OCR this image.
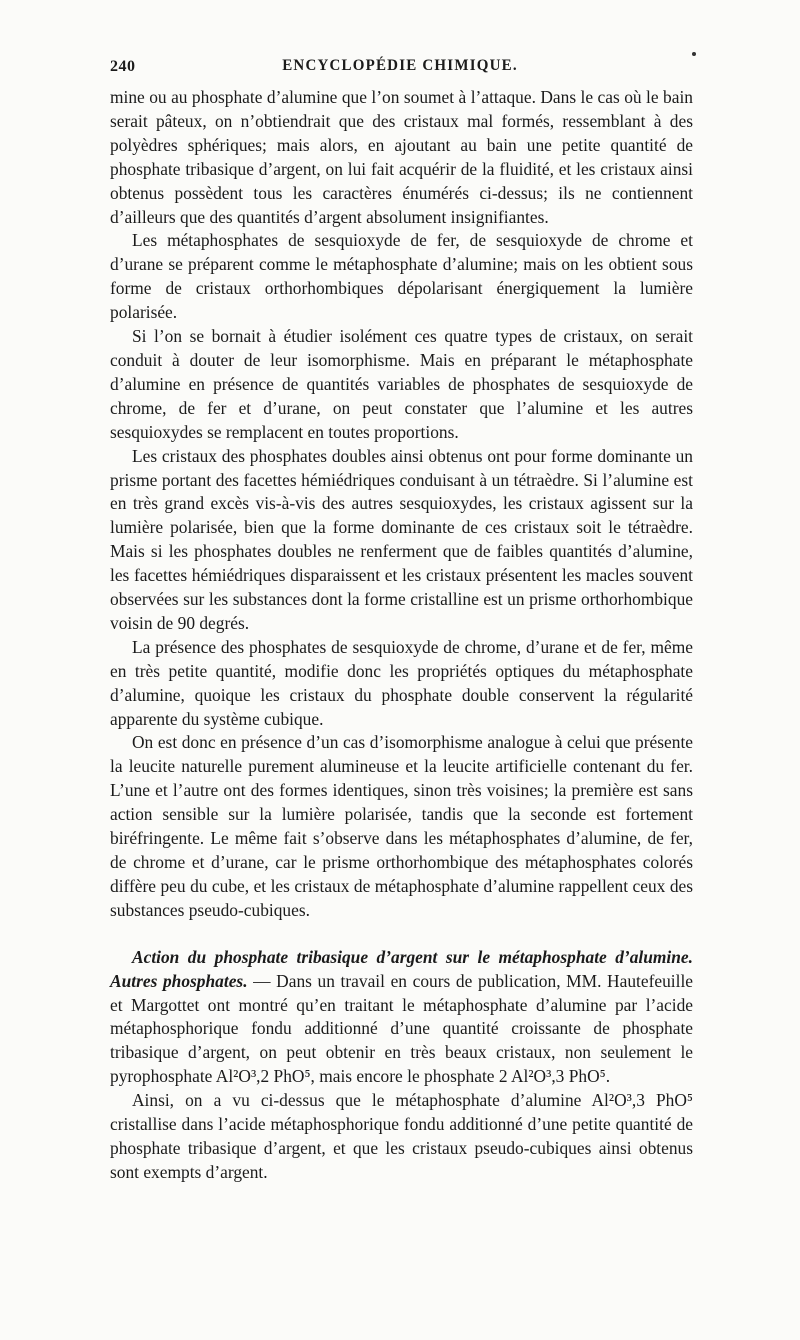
240	ENCYCLOPÉDIE CHIMIQUE.

mine ou au phosphate d’alumine que l’on soumet à l’attaque. Dans le cas où le bain serait pâteux, on n’obtiendrait que des cristaux mal formés, ressemblant à des polyèdres sphériques; mais alors, en ajoutant au bain une petite quantité de phosphate tribasique d’argent, on lui fait acquérir de la fluidité, et les cristaux ainsi obtenus possèdent tous les caractères énumérés ci-dessus; ils ne contiennent d’ailleurs que des quantités d’argent absolument insignifiantes.

Les métaphosphates de sesquioxyde de fer, de sesquioxyde de chrome et d’urane se préparent comme le métaphosphate d’alumine; mais on les obtient sous forme de cristaux orthorhombiques dépolarisant énergiquement la lumière polarisée.

Si l’on se bornait à étudier isolément ces quatre types de cristaux, on serait conduit à douter de leur isomorphisme. Mais en préparant le métaphosphate d’alumine en présence de quantités variables de phosphates de sesquioxyde de chrome, de fer et d’urane, on peut constater que l’alumine et les autres sesquioxydes se remplacent en toutes proportions.

Les cristaux des phosphates doubles ainsi obtenus ont pour forme dominante un prisme portant des facettes hémiédriques conduisant à un tétraèdre. Si l’alumine est en très grand excès vis-à-vis des autres sesquioxydes, les cristaux agissent sur la lumière polarisée, bien que la forme dominante de ces cristaux soit le tétraèdre. Mais si les phosphates doubles ne renferment que de faibles quantités d’alumine, les facettes hémiédriques disparaissent et les cristaux présentent les macles souvent observées sur les substances dont la forme cristalline est un prisme orthorhombique voisin de 90 degrés.

La présence des phosphates de sesquioxyde de chrome, d’urane et de fer, même en très petite quantité, modifie donc les propriétés optiques du métaphosphate d’alumine, quoique les cristaux du phosphate double conservent la régularité apparente du système cubique.

On est donc en présence d’un cas d’isomorphisme analogue à celui que présente la leucite naturelle purement alumineuse et la leucite artificielle contenant du fer. L’une et l’autre ont des formes identiques, sinon très voisines; la première est sans action sensible sur la lumière polarisée, tandis que la seconde est fortement biréfringente. Le même fait s’observe dans les métaphosphates d’alumine, de fer, de chrome et d’urane, car le prisme orthorhombique des métaphosphates colorés diffère peu du cube, et les cristaux de métaphosphate d’alumine rappellent ceux des substances pseudo-cubiques.

Action du phosphate tribasique d’argent sur le métaphosphate d’alumine. Autres phosphates. — Dans un travail en cours de publication, MM. Hautefeuille et Margottet ont montré qu’en traitant le métaphosphate d’alumine par l’acide métaphosphorique fondu additionné d’une quantité croissante de phosphate tribasique d’argent, on peut obtenir en très beaux cristaux, non seulement le pyrophosphate Al²O³,2 PhO⁵, mais encore le phosphate 2 Al²O³,3 PhO⁵.

Ainsi, on a vu ci-dessus que le métaphosphate d’alumine Al²O³,3 PhO⁵ cristallise dans l’acide métaphosphorique fondu additionné d’une petite quantité de phosphate tribasique d’argent, et que les cristaux pseudo-cubiques ainsi obtenus sont exempts d’argent.
